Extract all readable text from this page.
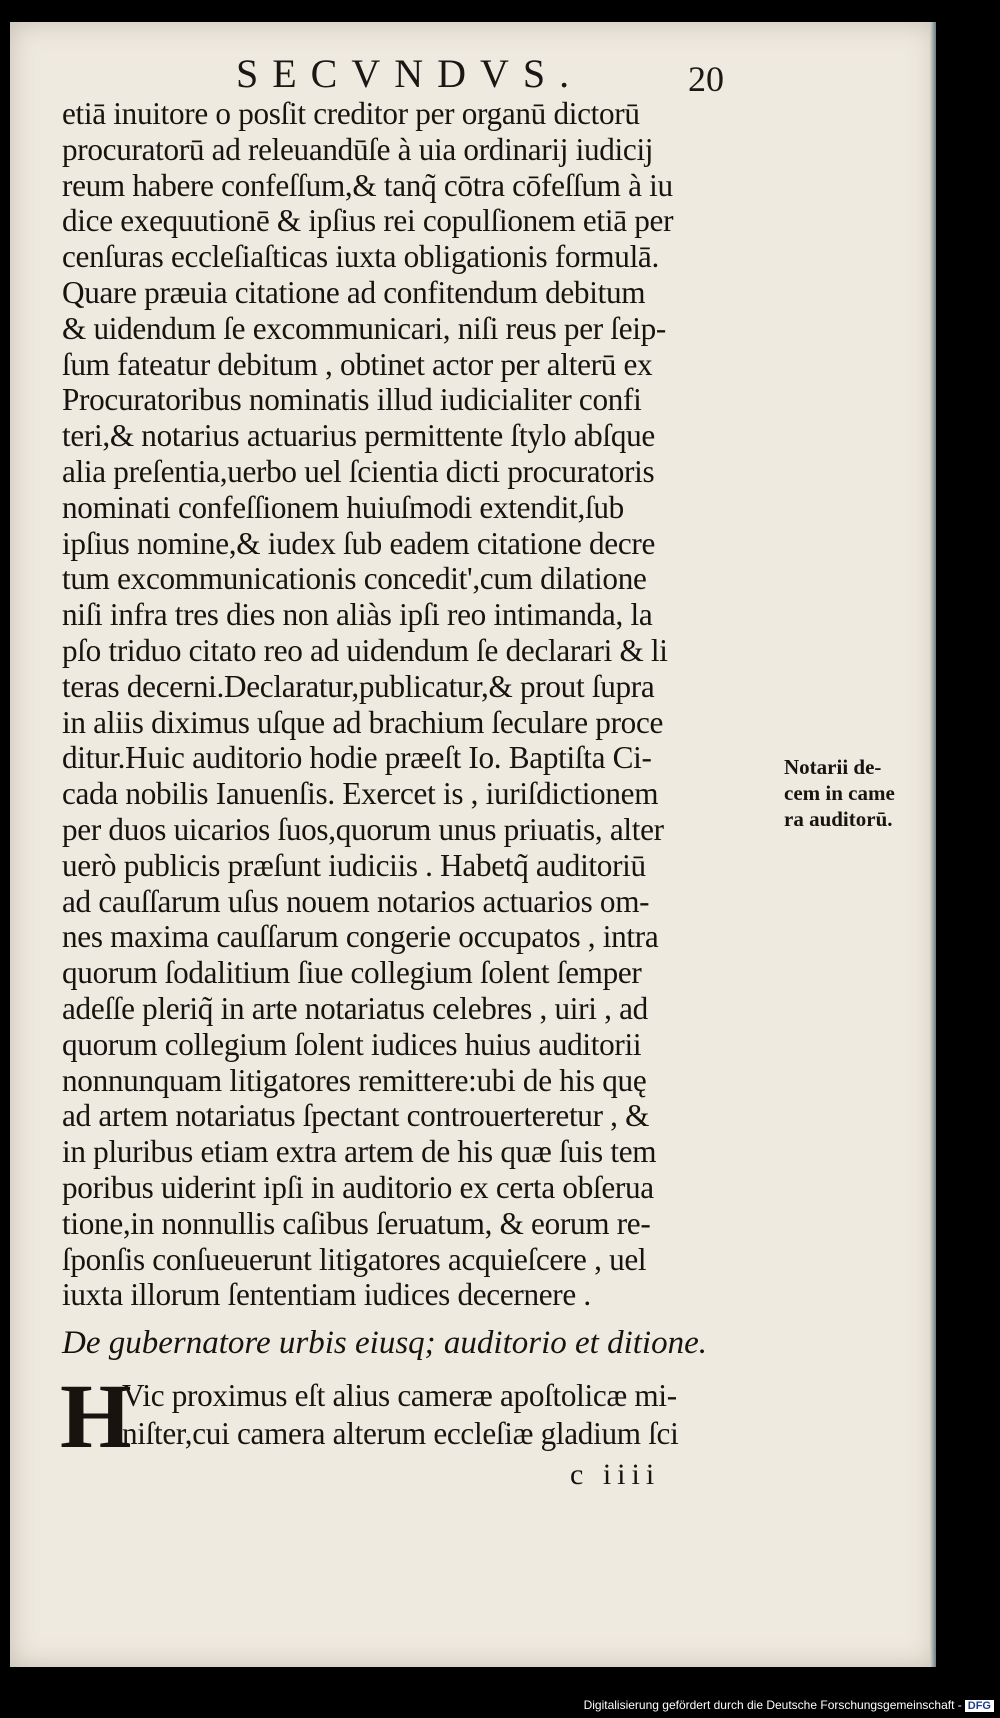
SECVNDVS.	20
etiā inuitore o posſit creditor per organū dictorū
procuratorū ad releuandūſe à uia ordinarij iudicij
reum habere confeſſum,& tanq̃ cōtra cōfeſſum à iu
dice exequutionē & ipſius rei copulſionem etiā per
cenſuras eccleſiaſticas iuxta obligationis formulā.
Quare præuia citatione ad confitendum debitum
& uidendum ſe excommunicari, niſi reus per ſeip-
ſum fateatur debitum , obtinet actor per alterū ex
Procuratoribus nominatis illud iudicialiter confi
teri,& notarius actuarius permittente ſtylo abſque
alia preſentia,uerbo uel ſcientia dicti procuratoris
nominati confeſſionem huiuſmodi extendit,ſub
ipſius nomine,& iudex ſub eadem citatione decre
tum excommunicationis concedit',cum dilatione
niſi infra tres dies non aliàs ipſi reo intimanda, la
pſo triduo citato reo ad uidendum ſe declarari & li
teras decerni.Declaratur,publicatur,& prout ſupra
in aliis diximus uſque ad brachium ſeculare proce
ditur.Huic auditorio hodie præeſt Io. Baptiſta Ci-
cada nobilis Ianuenſis. Exercet is , iuriſdictionem
per duos uicarios ſuos,quorum unus priuatis, alter
uerò publicis præſunt iudiciis . Habetq̃ auditoriū
ad cauſſarum uſus nouem notarios actuarios om-
nes maxima cauſſarum congerie occupatos , intra
quorum ſodalitium ſiue collegium ſolent ſemper
adeſſe pleriq̃ in arte notariatus celebres , uiri , ad
quorum collegium ſolent iudices huius auditorii
nonnunquam litigatores remittere:ubi de his quę
ad artem notariatus ſpectant controuerteretur , &
in pluribus etiam extra artem de his quæ ſuis tem
poribus uiderint ipſi in auditorio ex certa obſerua
tione,in nonnullis caſibus ſeruatum, & eorum re-
ſponſis conſueuerunt litigatores acquieſcere , uel
iuxta illorum ſententiam iudices decernere .
Notarii de-
cem in came
ra auditorū.
De gubernatore urbis eiusq; auditorio et ditione.
H
Vic proximus eſt alius cameræ apoſtolicæ mi-
niſter,cui camera alterum eccleſiæ gladium ſci
c iiii
Digitalisierung gefördert durch die Deutsche Forschungsgemeinschaft - DFG
